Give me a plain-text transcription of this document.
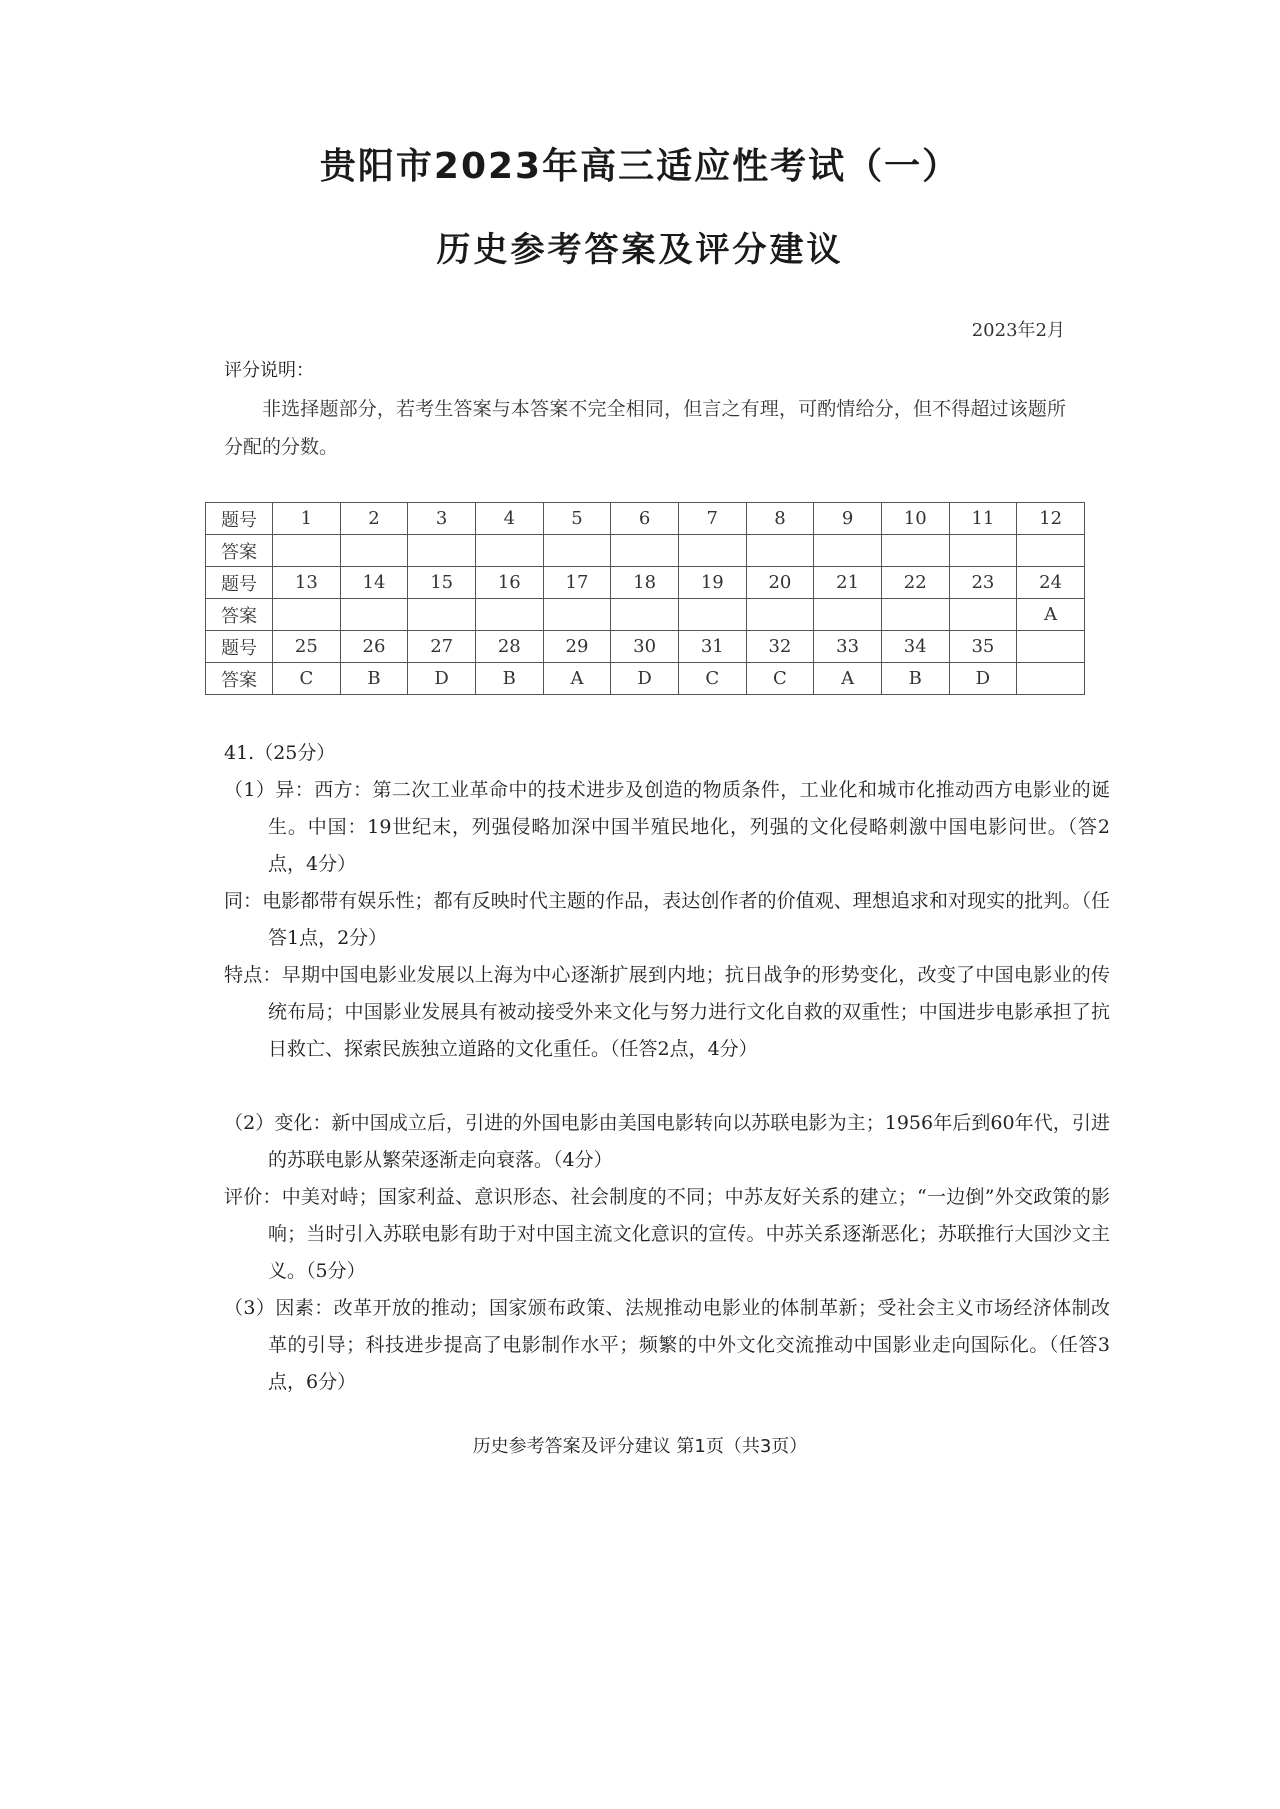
贵阳市2023年高三适应性考试（一）
历史参考答案及评分建议
2023年2月
评分说明：
非选择题部分，若考生答案与本答案不完全相同，但言之有理，可酌情给分，但不得超过该题所分配的分数。
题号	1	2	3	4	5	6	7	8	9	10	11	12
答案												
题号	13	14	15	16	17	18	19	20	21	22	23	24
答案												A
题号	25	26	27	28	29	30	31	32	33	34	35	
答案	C	B	D	B	A	D	C	C	A	B	D	
41.（25分）
（1）异：西方：第二次工业革命中的技术进步及创造的物质条件，工业化和城市化推动西方电影业的诞生。中国：19世纪末，列强侵略加深中国半殖民地化，列强的文化侵略刺激中国电影问世。（答2点，4分）
同：电影都带有娱乐性；都有反映时代主题的作品，表达创作者的价值观、理想追求和对现实的批判。（任答1点，2分）
特点：早期中国电影业发展以上海为中心逐渐扩展到内地；抗日战争的形势变化，改变了中国电影业的传统布局；中国影业发展具有被动接受外来文化与努力进行文化自救的双重性；中国进步电影承担了抗日救亡、探索民族独立道路的文化重任。（任答2点，4分）
（2）变化：新中国成立后，引进的外国电影由美国电影转向以苏联电影为主；1956年后到60年代，引进的苏联电影从繁荣逐渐走向衰落。（4分）
评价：中美对峙；国家利益、意识形态、社会制度的不同；中苏友好关系的建立；“一边倒”外交政策的影响；当时引入苏联电影有助于对中国主流文化意识的宣传。中苏关系逐渐恶化；苏联推行大国沙文主义。（5分）
（3）因素：改革开放的推动；国家颁布政策、法规推动电影业的体制革新；受社会主义市场经济体制改革的引导；科技进步提高了电影制作水平；频繁的中外文化交流推动中国影业走向国际化。（任答3点，6分）
历史参考答案及评分建议 第1页（共3页）
